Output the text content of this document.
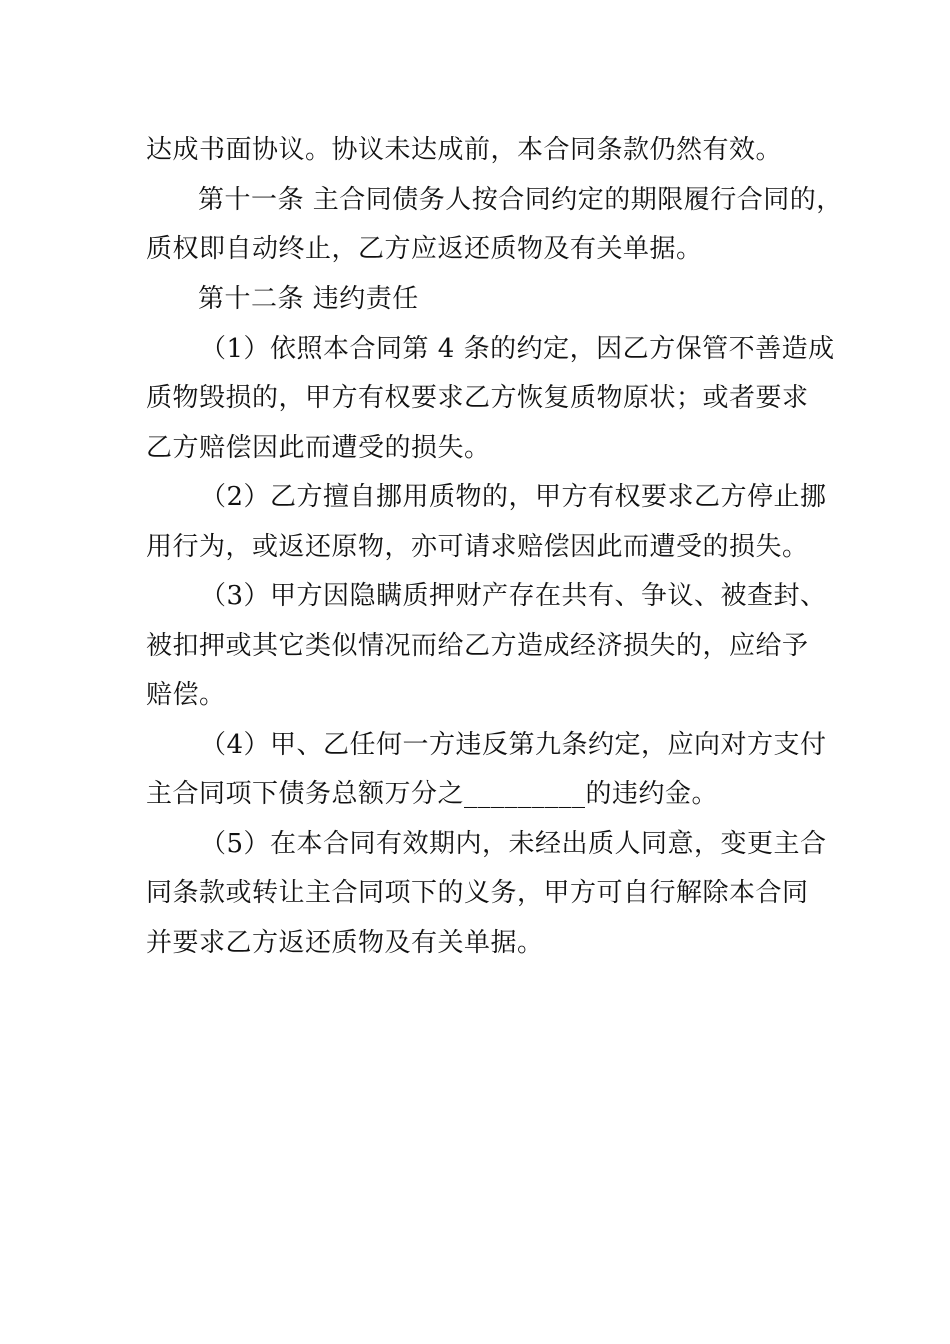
达成书面协议。协议未达成前，本合同条款仍然有效。
第十一条 主合同债务人按合同约定的期限履行合同的，
质权即自动终止，乙方应返还质物及有关单据。
第十二条 违约责任
（1）依照本合同第 4 条的约定，因乙方保管不善造成
质物毁损的，甲方有权要求乙方恢复质物原状；或者要求
乙方赔偿因此而遭受的损失。
（2）乙方擅自挪用质物的，甲方有权要求乙方停止挪
用行为，或返还原物，亦可请求赔偿因此而遭受的损失。
（3）甲方因隐瞒质押财产存在共有、争议、被查封、
被扣押或其它类似情况而给乙方造成经济损失的，应给予
赔偿。
（4）甲、乙任何一方违反第九条约定，应向对方支付
主合同项下债务总额万分之_________的违约金。
（5）在本合同有效期内，未经出质人同意，变更主合
同条款或转让主合同项下的义务，甲方可自行解除本合同
并要求乙方返还质物及有关单据。
